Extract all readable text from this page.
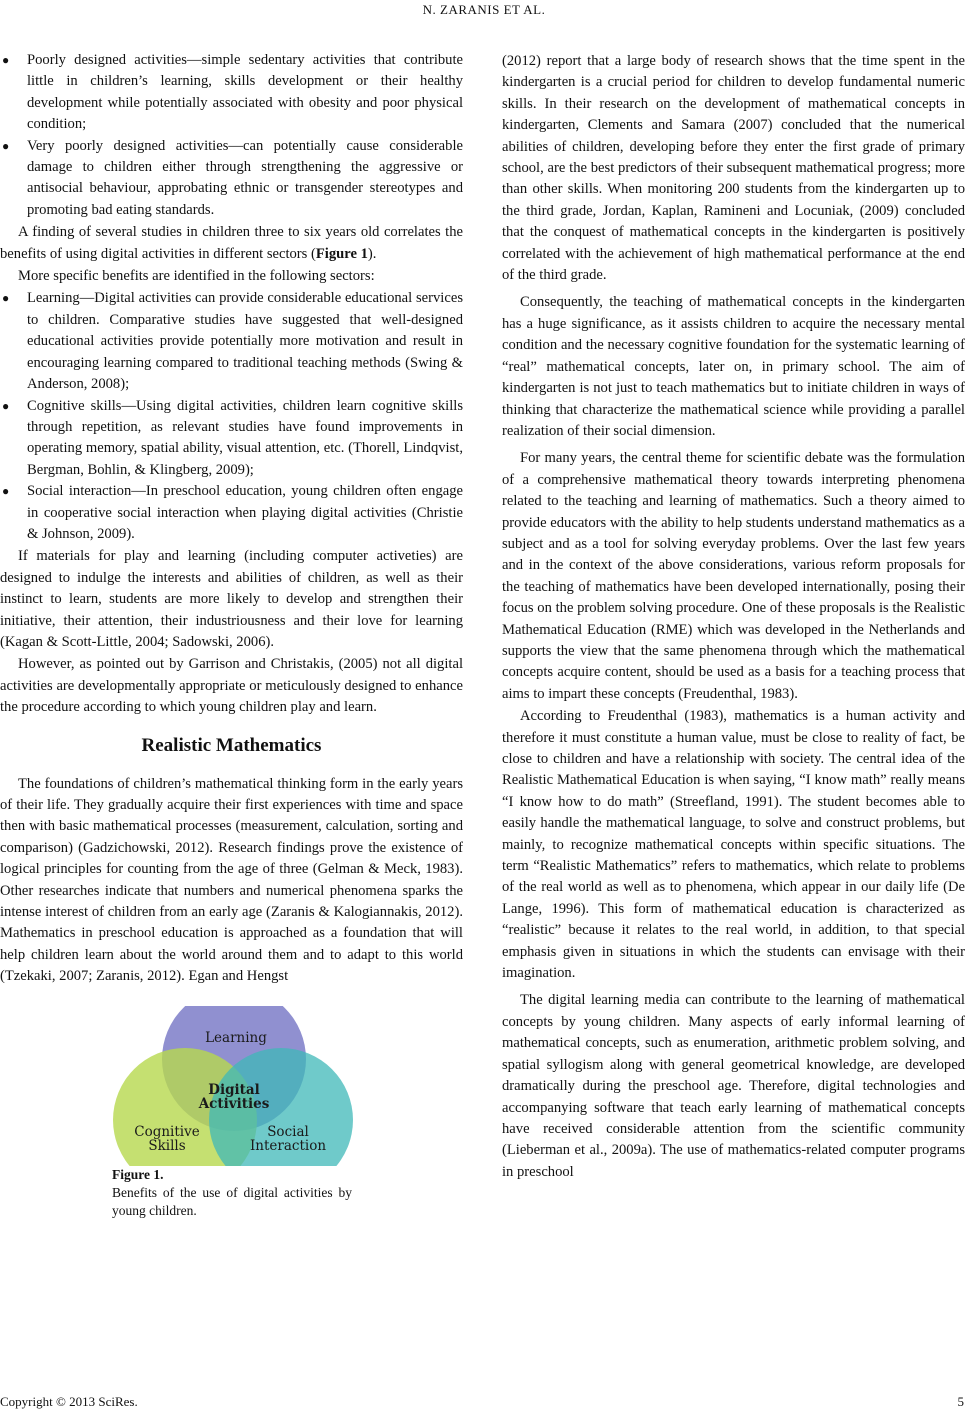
N. ZARANIS ET AL.
● Poorly designed activities—simple sedentary activities that contribute little in children’s learning, skills development or their healthy development while potentially associated with obesity and poor physical condition;
● Very poorly designed activities—can potentially cause considerable damage to children either through strengthening the aggressive or antisocial behaviour, approbating ethnic or transgender stereotypes and promoting bad eating standards.

A finding of several studies in children three to six years old correlates the benefits of using digital activities in different sectors (Figure 1).

More specific benefits are identified in the following sectors:

● Learning—Digital activities can provide considerable educational services to children. Comparative studies have suggested that well-designed educational activities provide potentially more motivation and result in encouraging learning compared to traditional teaching methods (Swing & Anderson, 2008);
● Cognitive skills—Using digital activities, children learn cognitive skills through repetition, as relevant studies have found improvements in operating memory, spatial ability, visual attention, etc. (Thorell, Lindqvist, Bergman, Bohlin, & Klingberg, 2009);
● Social interaction—In preschool education, young children often engage in cooperative social interaction when playing digital activities (Christie & Johnson, 2009).

If materials for play and learning (including computer activeties) are designed to indulge the interests and abilities of children, as well as their instinct to learn, students are more likely to develop and strengthen their initiative, their attention, their industriousness and their love for learning (Kagan & Scott-Little, 2004; Sadowski, 2006).

However, as pointed out by Garrison and Christakis, (2005) not all digital activities are developmentally appropriate or meticulously designed to enhance the procedure according to which young children play and learn.

Realistic Mathematics

The foundations of children’s mathematical thinking form in the early years of their life. They gradually acquire their first experiences with time and space then with basic mathematical processes (measurement, calculation, sorting and comparison) (Gadzichowski, 2012). Research findings prove the existence of logical principles for counting from the age of three (Gelman & Meck, 1983). Other researches indicate that numbers and numerical phenomena sparks the intense interest of children from an early age (Zaranis & Kalogiannakis, 2012). Mathematics in preschool education is approached as a foundation that will help children learn about the world around them and to adapt to this world (Tzekaki, 2007; Zaranis, 2012). Egan and Hengst

Learning
Digital
Activities
Cognitive
Skills
Social
Interaction
Figure 1.
Benefits of the use of digital activities by young children.

(2012) report that a large body of research shows that the time spent in the kindergarten is a crucial period for children to develop fundamental numeric skills. In their research on the development of mathematical concepts in kindergarten, Clements and Samara (2007) concluded that the numerical abilities of children, developing before they enter the first grade of primary school, are the best predictors of their subsequent mathematical progress; more than other skills. When monitoring 200 students from the kindergarten up to the third grade, Jordan, Kaplan, Ramineni and Locuniak, (2009) concluded that the conquest of mathematical concepts in the kindergarten is positively correlated with the achievement of high mathematical performance at the end of the third grade.

Consequently, the teaching of mathematical concepts in the kindergarten has a huge significance, as it assists children to acquire the necessary mental condition and the necessary cognitive foundation for the systematic learning of “real” mathematical concepts, later on, in primary school. The aim of kindergarten is not just to teach mathematics but to initiate children in ways of thinking that characterize the mathematical science while providing a parallel realization of their social dimension.

For many years, the central theme for scientific debate was the formulation of a comprehensive mathematical theory towards interpreting phenomena related to the teaching and learning of mathematics. Such a theory aimed to provide educators with the ability to help students understand mathematics as a subject and as a tool for solving everyday problems. Over the last few years and in the context of the above considerations, various reform proposals for the teaching of mathematics have been developed internationally, posing their focus on the problem solving procedure. One of these proposals is the Realistic Mathematical Education (RME) which was developed in the Netherlands and supports the view that the same phenomena through which the mathematical concepts acquire content, should be used as a basis for a teaching process that aims to impart these concepts (Freudenthal, 1983).

According to Freudenthal (1983), mathematics is a human activity and therefore it must constitute a human value, must be close to reality of fact, be close to children and have a relationship with society. The central idea of the Realistic Mathematical Education is when saying, “I know math” really means “I know how to do math” (Streefland, 1991). The student becomes able to easily handle the mathematical language, to solve and construct problems, but mainly, to recognize mathematical concepts within specific situations. The term “Realistic Mathematics” refers to mathematics, which relate to problems of the real world as well as to phenomena, which appear in our daily life (De Lange, 1996). This form of mathematical education is characterized as “realistic” because it relates to the real world, in addition, to that special emphasis given in situations in which the students can envisage with their imagination.

The digital learning media can contribute to the learning of mathematical concepts by young children. Many aspects of early informal learning of mathematical concepts, such as enumeration, arithmetic problem solving, and spatial syllogism along with general geometrical knowledge, are developed dramatically during the preschool age. Therefore, digital technologies and accompanying software that teach early learning of mathematical concepts have received considerable attention from the scientific community (Lieberman et al., 2009a). The use of mathematics-related computer programs in preschool

Copyright © 2013 SciRes.	5
